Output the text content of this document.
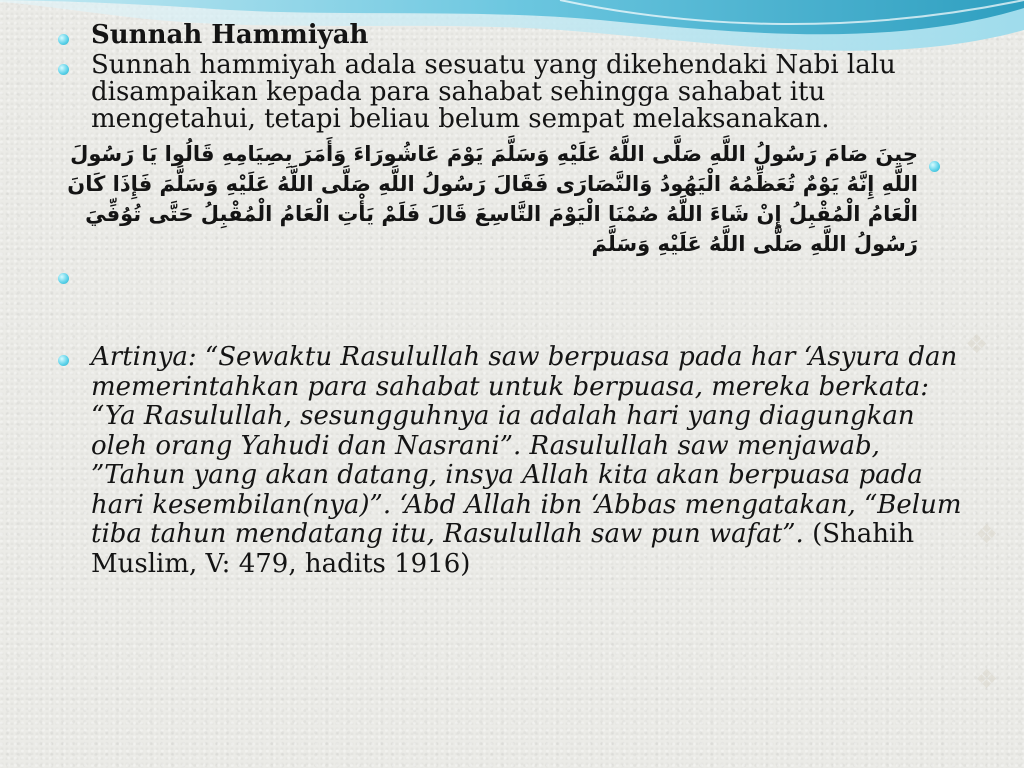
❖
❖
❖
Sunnah Hammiyah
Sunnah hammiyah adala sesuatu yang dikehendaki Nabi lalu disampaikan kepada para sahabat sehingga sahabat itu mengetahui, tetapi beliau belum sempat melaksanakan.
حِينَ صَامَ رَسُولُ اللَّهِ صَلَّى اللَّهُ عَلَيْهِ وَسَلَّمَ يَوْمَ عَاشُورَاءَ وَأَمَرَ بِصِيَامِهِ قَالُوا يَا رَسُولَ اللَّهِ إِنَّهُ يَوْمٌ تُعَظِّمُهُ الْيَهُودُ وَالنَّصَارَى فَقَالَ رَسُولُ اللَّهِ صَلَّى اللَّهُ عَلَيْهِ وَسَلَّمَ فَإِذَا كَانَ الْعَامُ الْمُقْبِلُ إِنْ شَاءَ اللَّهُ صُمْنَا الْيَوْمَ التَّاسِعَ قَالَ فَلَمْ يَأْتِ الْعَامُ الْمُقْبِلُ حَتَّى تُوُفِّيَ رَسُولُ اللَّهِ صَلَّى اللَّهُ عَلَيْهِ وَسَلَّمَ
Artinya: “Sewaktu Rasulullah saw berpuasa pada har ‘Asyura dan memerintahkan para sahabat untuk berpuasa, mereka berkata: “Ya Rasulullah, sesungguhnya ia adalah hari yang diagungkan oleh orang Yahudi dan Nasrani”. Rasulullah saw menjawab, ”Tahun yang akan datang, insya Allah kita akan berpuasa pada hari kesembilan(nya)”. ‘Abd Allah ibn ‘Abbas mengatakan, “Belum tiba tahun mendatang itu, Rasulullah saw pun wafat”. (Shahih Muslim, V: 479, hadits 1916)
